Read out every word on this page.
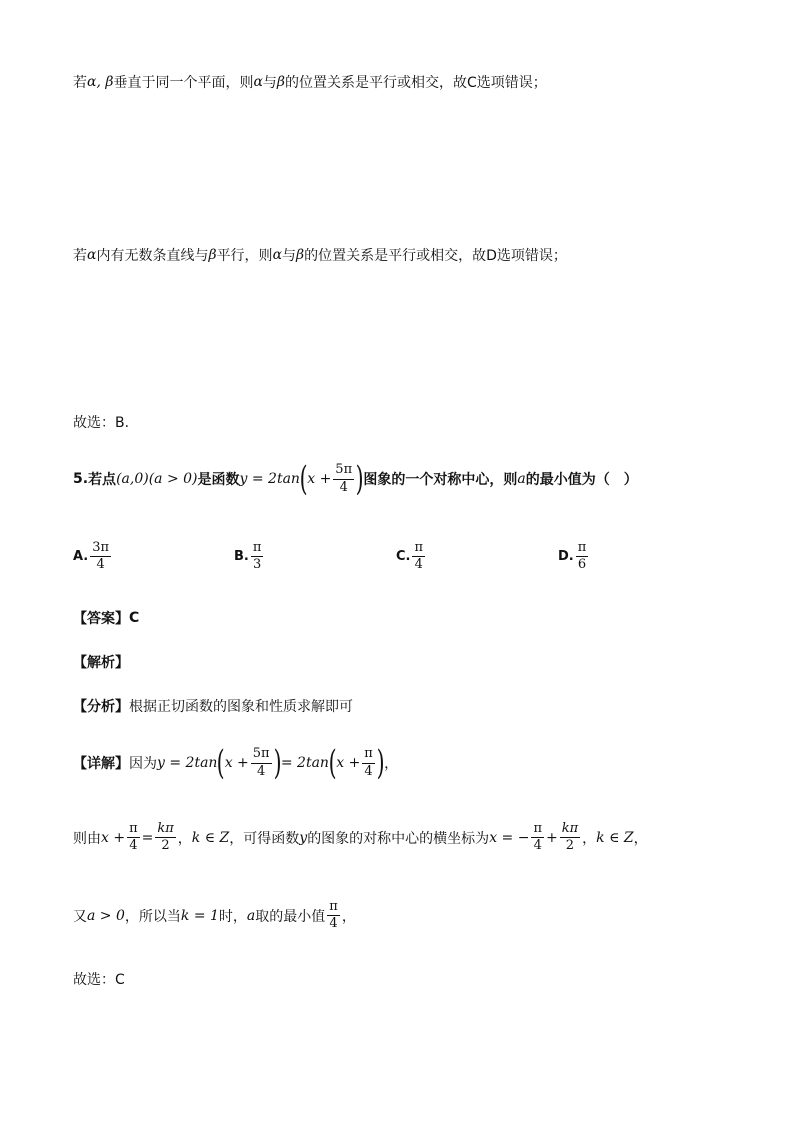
若 α, β 垂直于同一个平面，则 α 与 β 的位置关系是平行或相交，故C选项错误；
若 α 内有无数条直线与 β 平行，则 α 与 β 的位置关系是平行或相交，故D选项错误；
故选：B.
5. 若点 (a,0) (a > 0) 是函数 y = 2tan ( $x + \frac{5\pi}{4}$ ) 图象的一个对称中心，则 a 的最小值为（　）
A. $\frac{3\pi}{4}$	B. $\frac{\pi}{3}$	C. $\frac{\pi}{4}$	D. $\frac{\pi}{6}$
【答案】 C
【解析】
【分析】 根据正切函数的图象和性质求解即可
【详解】 因为 y = 2tan ( $x + \frac{5\pi}{4}$ ) = 2tan ( $x + \frac{\pi}{4}$ ) ，
则由 $x + \frac{\pi}{4} = \frac{k\pi}{2}$ ， k ∈ Z ，可得函数 y 的图象的对称中心的横坐标为 x = − $\frac{\pi}{4} + \frac{k\pi}{2}$ ， k ∈ Z ，
又 a > 0 ，所以当 k = 1 时， a 取的最小值 $\frac{\pi}{4}$ ，
故选：C
